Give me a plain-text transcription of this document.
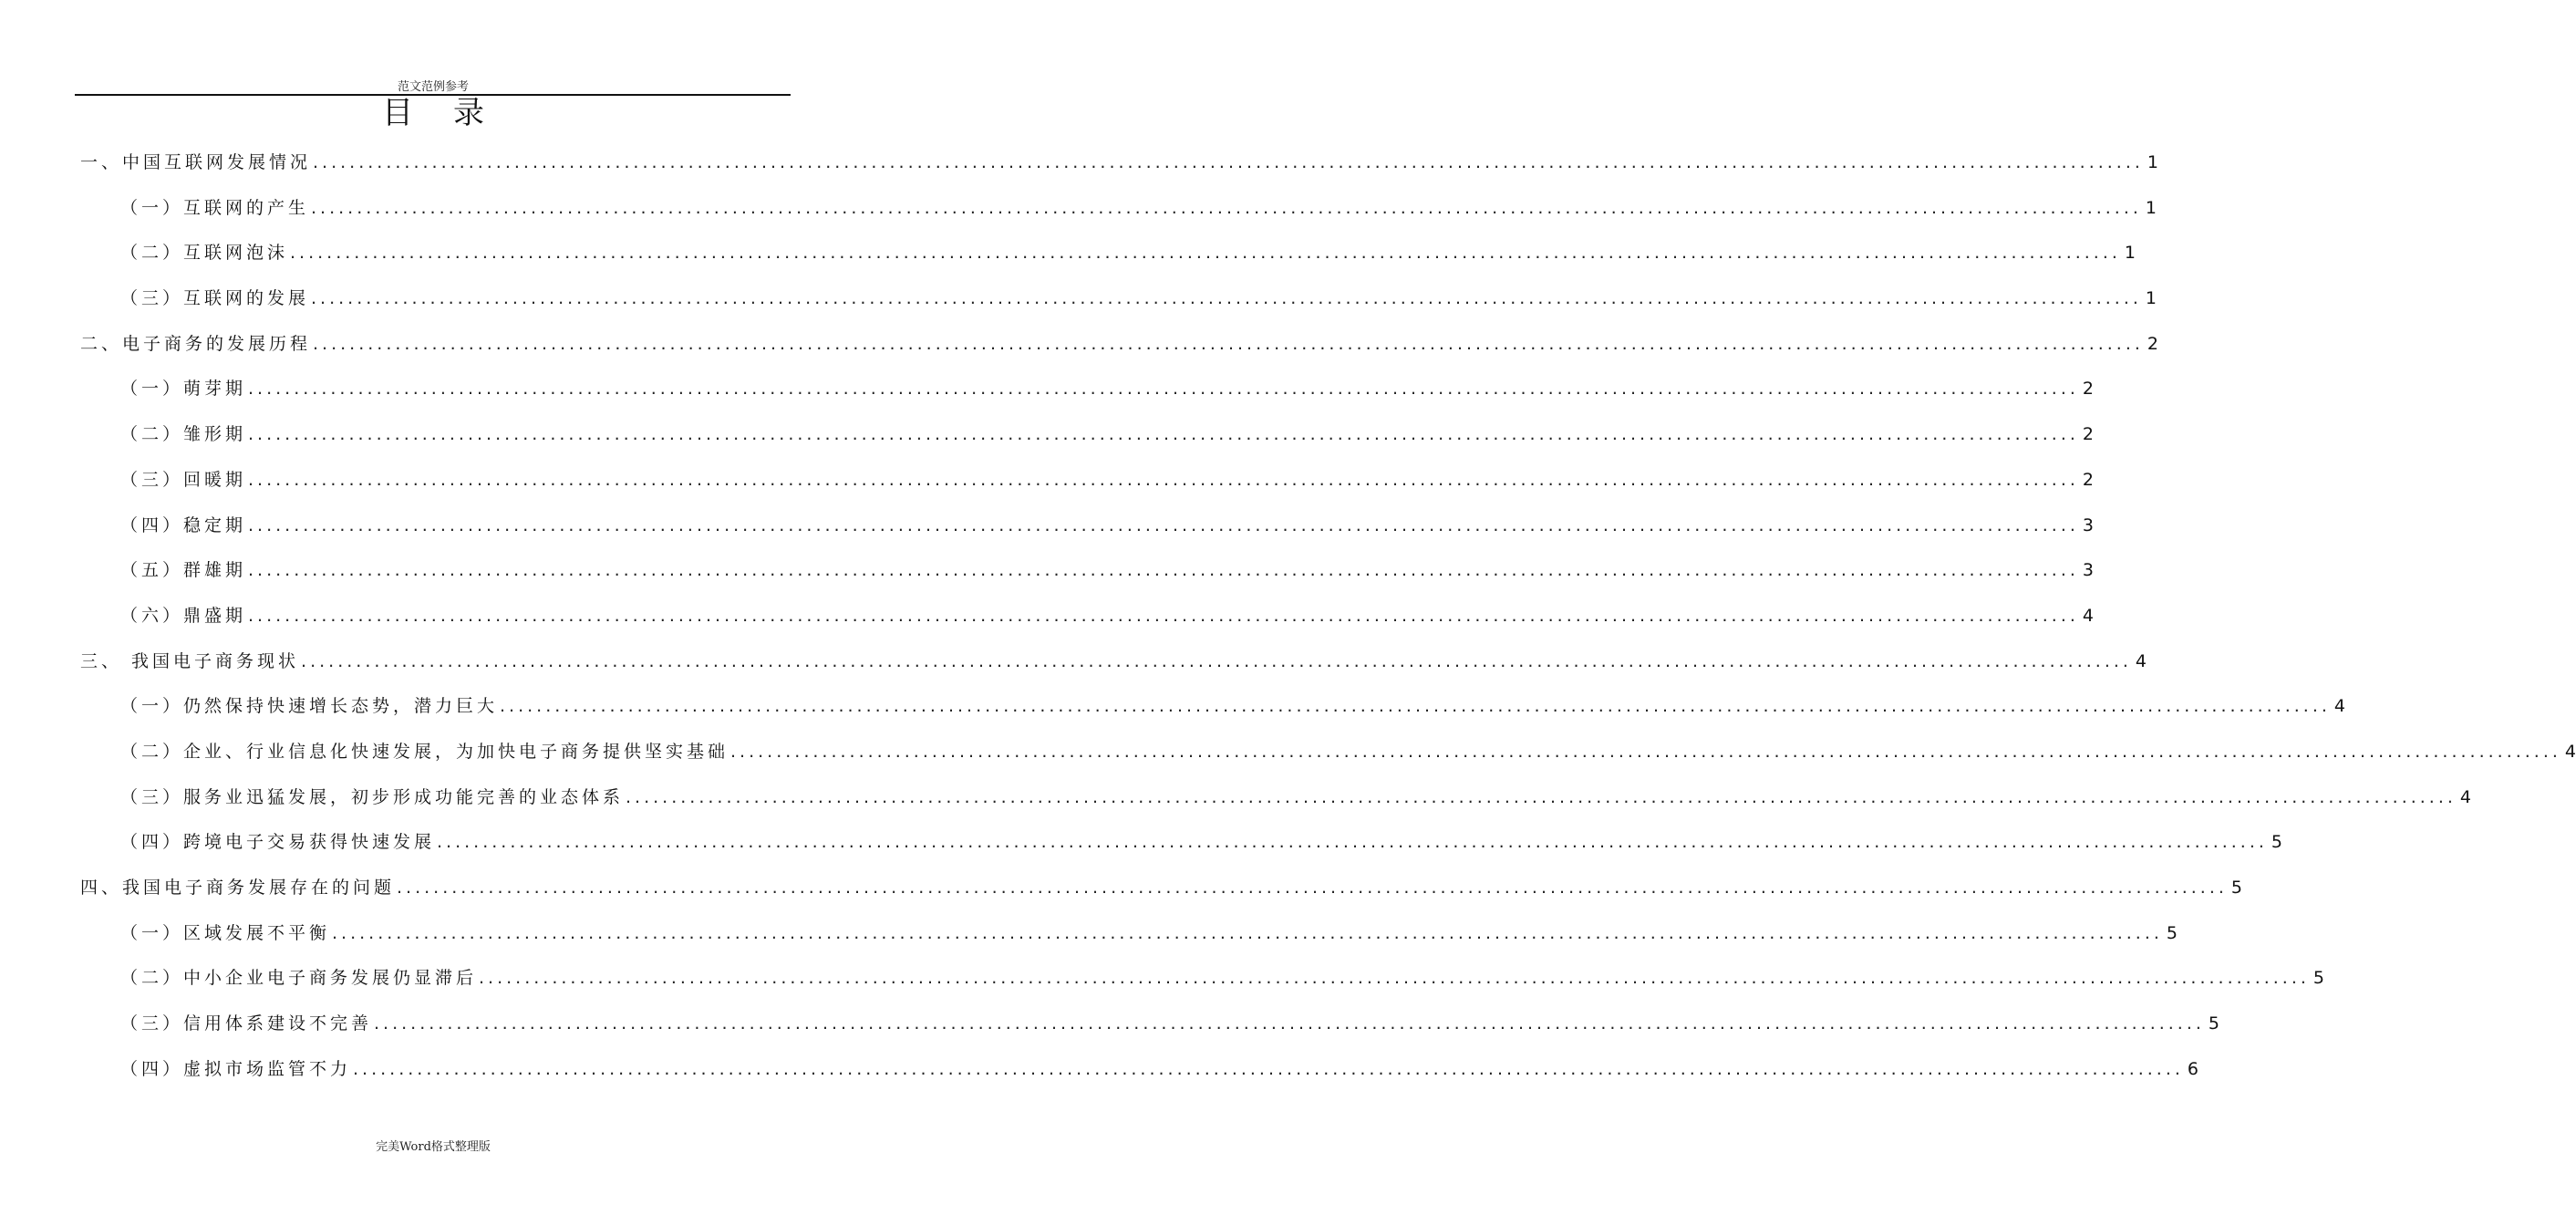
范文范例参考
目录
一、中国互联网发展情况 ........................................................................................................................................................................................................ 1
（一）互联网的产生 ........................................................................................................................................................................................................ 1
（二）互联网泡沫 ........................................................................................................................................................................................................ 1
（三）互联网的发展 ........................................................................................................................................................................................................ 1
二、电子商务的发展历程 ........................................................................................................................................................................................................ 2
（一）萌芽期 ........................................................................................................................................................................................................ 2
（二）雏形期 ........................................................................................................................................................................................................ 2
（三）回暖期 ........................................................................................................................................................................................................ 2
（四）稳定期 ........................................................................................................................................................................................................ 3
（五）群雄期 ........................................................................................................................................................................................................ 3
（六）鼎盛期 ........................................................................................................................................................................................................ 4
三、 我国电子商务现状 ........................................................................................................................................................................................................ 4
（一）仍然保持快速增长态势，潜力巨大 ........................................................................................................................................................................................................ 4
（二）企业、行业信息化快速发展，为加快电子商务提供坚实基础 ........................................................................................................................................................................................................ 4
（三）服务业迅猛发展，初步形成功能完善的业态体系 ........................................................................................................................................................................................................ 4
（四）跨境电子交易获得快速发展 ........................................................................................................................................................................................................ 5
四、我国电子商务发展存在的问题 ........................................................................................................................................................................................................ 5
（一）区域发展不平衡 ........................................................................................................................................................................................................ 5
（二）中小企业电子商务发展仍显滞后 ........................................................................................................................................................................................................ 5
（三）信用体系建设不完善 ........................................................................................................................................................................................................ 5
（四）虚拟市场监管不力 ........................................................................................................................................................................................................ 6
完美Word格式整理版
